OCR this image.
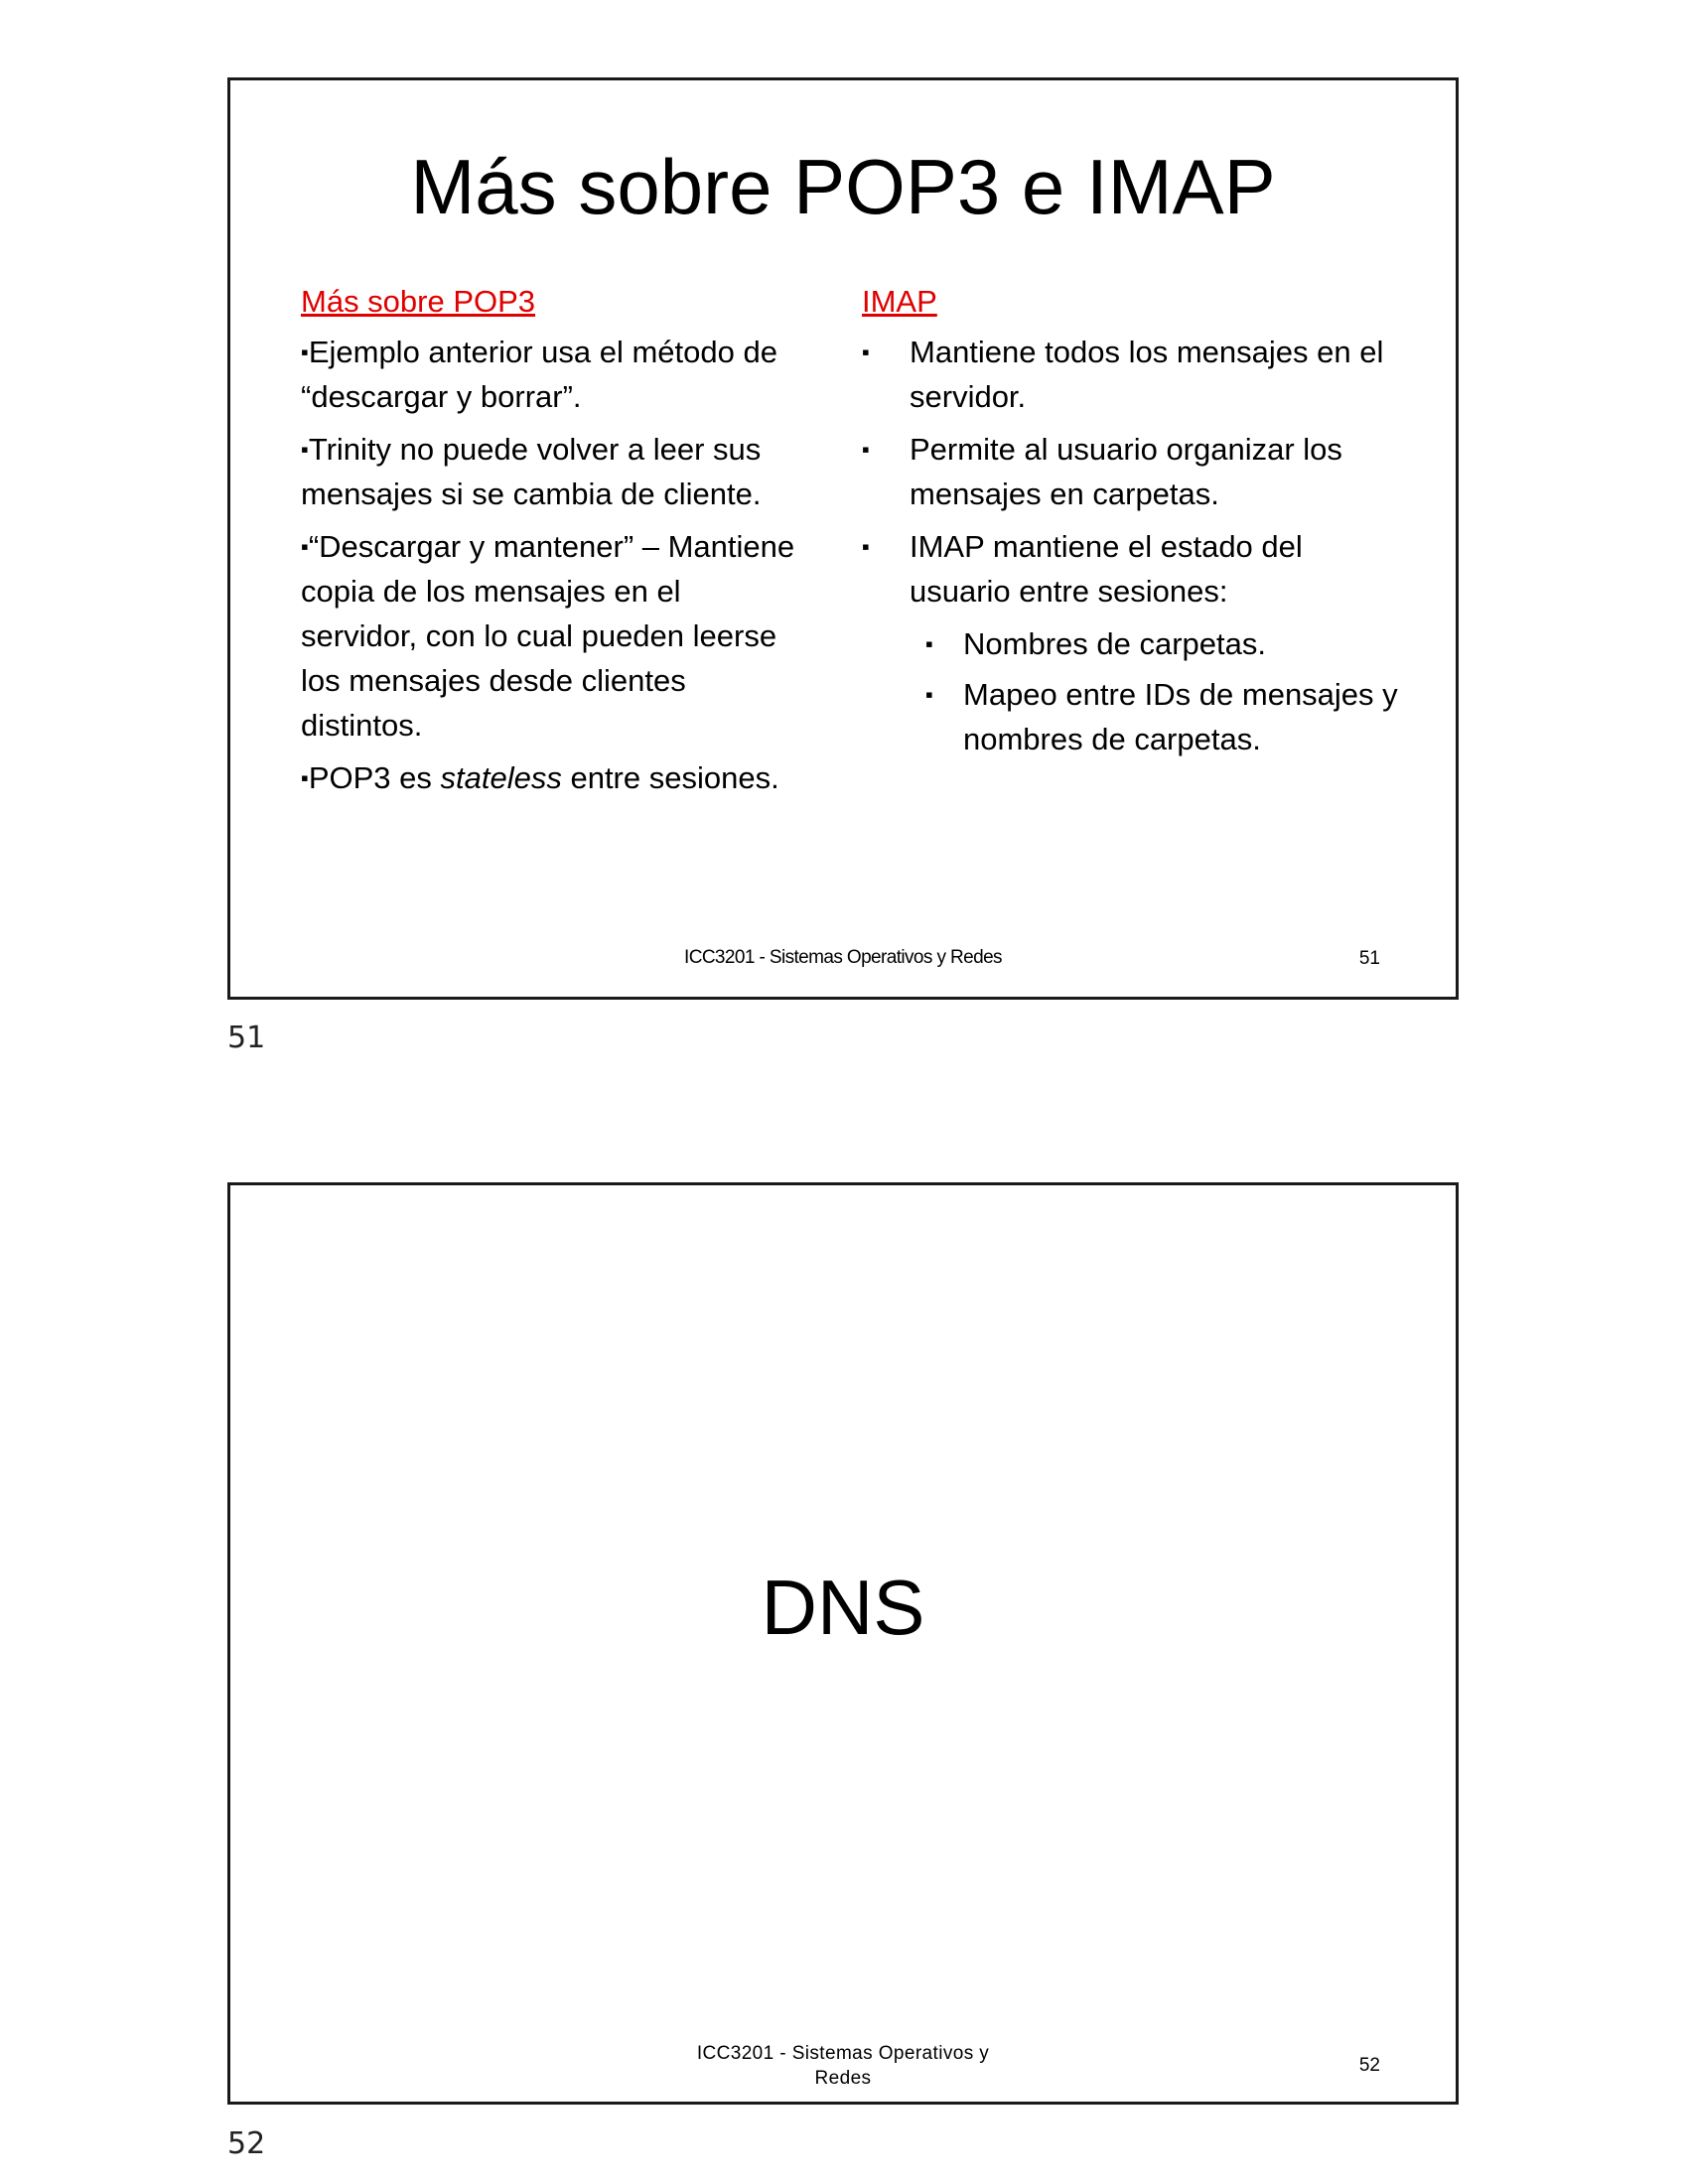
Más sobre POP3 e IMAP
Más sobre POP3
▪Ejemplo anterior usa el método de “descargar y borrar”.
▪Trinity no puede volver a leer sus mensajes si se cambia de cliente.
▪“Descargar y mantener” – Mantiene copia de los mensajes en el servidor, con lo cual pueden leerse los mensajes desde clientes distintos.
▪POP3 es stateless entre sesiones.
IMAP
▪ Mantiene todos los mensajes en el servidor.
▪ Permite al usuario organizar los mensajes en carpetas.
▪ IMAP mantiene el estado del usuario entre sesiones:
▪ Nombres de carpetas.
▪ Mapeo entre IDs de mensajes y nombres de carpetas.
ICC3201 - Sistemas Operativos y Redes	51
51
DNS
ICC3201 - Sistemas Operativos y Redes
52
52
